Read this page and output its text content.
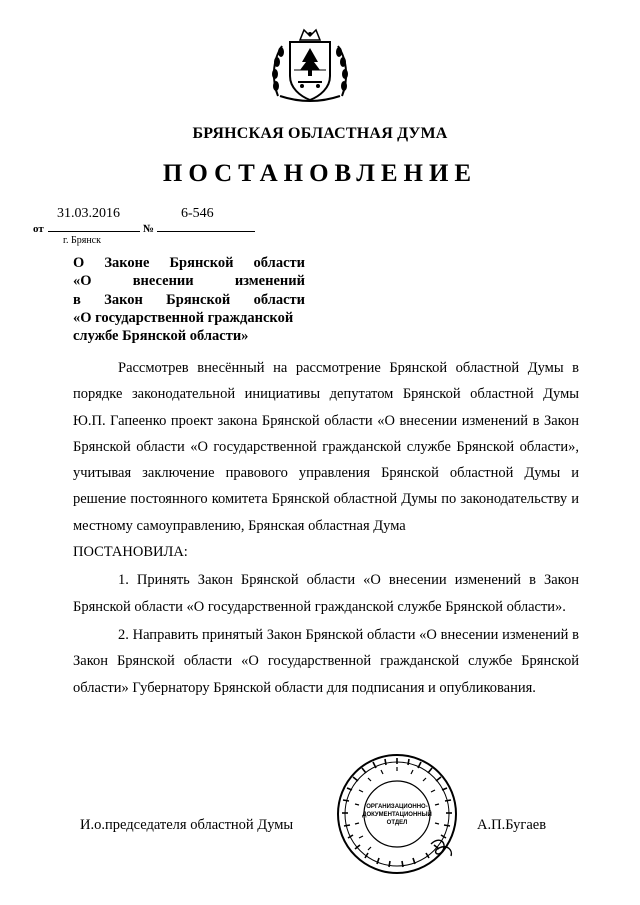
БРЯНСКАЯ ОБЛАСТНАЯ ДУМА
ПОСТАНОВЛЕНИЕ
31.03.2016	6-546
от	№
г. Брянск
О Законе Брянской области
«О	внесении	изменений
в Закон Брянской области
«О государственной гражданской
службе Брянской области»

Рассмотрев внесённый на рассмотрение Брянской областной Думы в порядке законодательной инициативы депутатом Брянской областной Думы Ю.П. Гапеенко проект закона Брянской области «О внесении изменений в Закон Брянской области «О государственной гражданской службе Брянской области», учитывая заключение правового управления Брянской областной Думы и решение постоянного комитета Брянской областной Думы по законодательству и местному самоуправлению, Брянская областная Дума

ПОСТАНОВИЛА:

1. Принять Закон Брянской области «О внесении изменений в Закон Брянской области «О государственной гражданской службе Брянской области».

2. Направить принятый Закон Брянской области «О внесении изменений в Закон Брянской области «О государственной гражданской службе Брянской области» Губернатору Брянской области для подписания и опубликования.

И.о.председателя областной Думы
ОРГАНИЗАЦИОННО-
ДОКУМЕНТАЦИОННЫЙ
ОТДЕЛ	А.П.Бугаев
